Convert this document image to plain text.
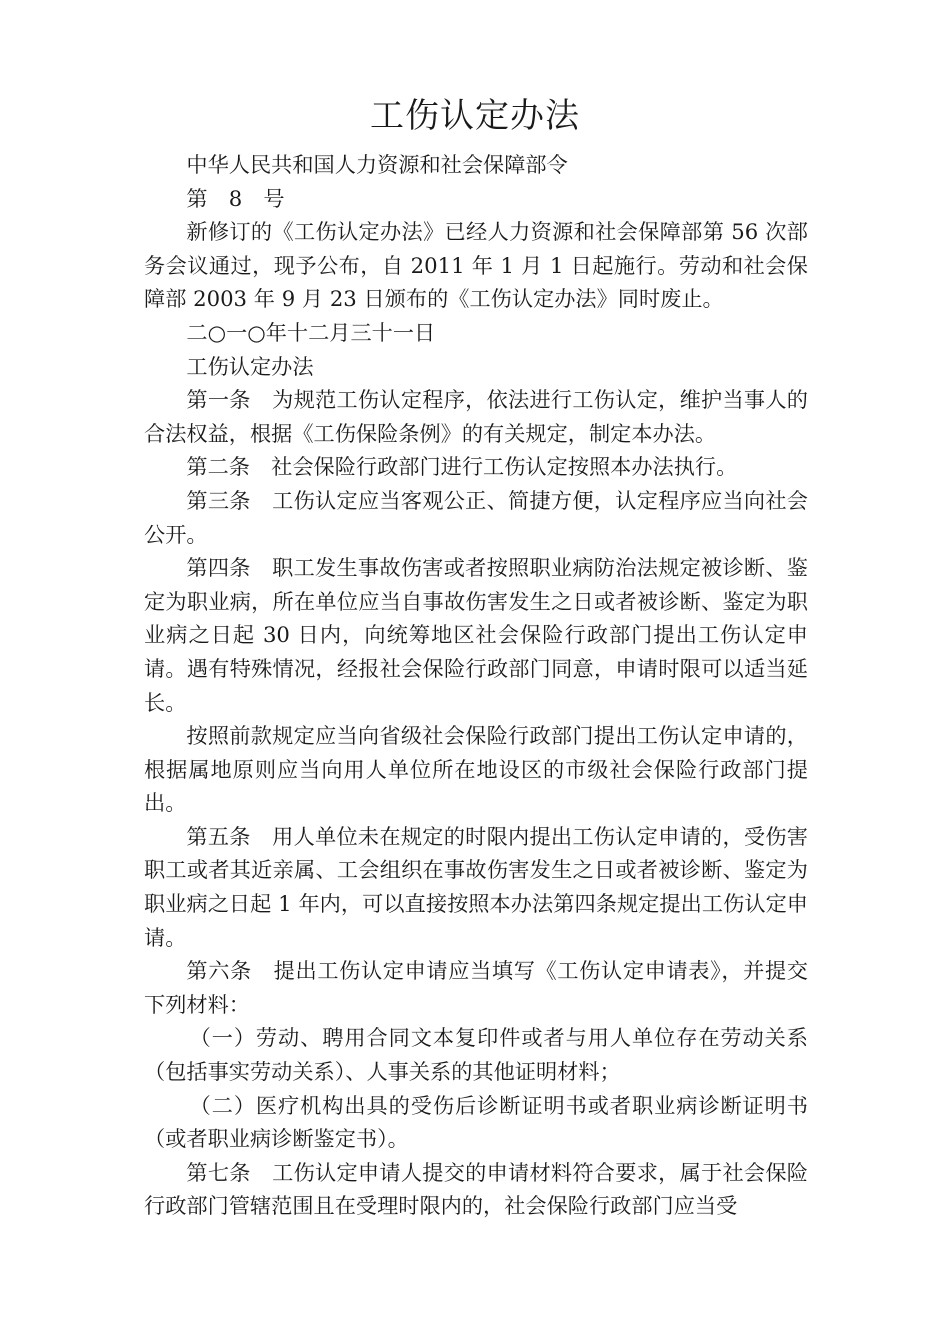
工伤认定办法

中华人民共和国人力资源和社会保障部令

第　8　号

新修订的《工伤认定办法》已经人力资源和社会保障部第 56 次部务会议通过，现予公布，自 2011 年 1 月 1 日起施行。劳动和社会保障部 2003 年 9 月 23 日颁布的《工伤认定办法》同时废止。

二○一○年十二月三十一日

工伤认定办法

第一条　为规范工伤认定程序，依法进行工伤认定，维护当事人的合法权益，根据《工伤保险条例》的有关规定，制定本办法。

第二条　社会保险行政部门进行工伤认定按照本办法执行。

第三条　工伤认定应当客观公正、简捷方便，认定程序应当向社会公开。

第四条　职工发生事故伤害或者按照职业病防治法规定被诊断、鉴定为职业病，所在单位应当自事故伤害发生之日或者被诊断、鉴定为职业病之日起 30 日内，向统筹地区社会保险行政部门提出工伤认定申请。遇有特殊情况，经报社会保险行政部门同意，申请时限可以适当延长。

按照前款规定应当向省级社会保险行政部门提出工伤认定申请的，根据属地原则应当向用人单位所在地设区的市级社会保险行政部门提出。

第五条　用人单位未在规定的时限内提出工伤认定申请的，受伤害职工或者其近亲属、工会组织在事故伤害发生之日或者被诊断、鉴定为职业病之日起 1 年内，可以直接按照本办法第四条规定提出工伤认定申请。

第六条　提出工伤认定申请应当填写《工伤认定申请表》，并提交下列材料：

（一）劳动、聘用合同文本复印件或者与用人单位存在劳动关系（包括事实劳动关系）、人事关系的其他证明材料；

（二）医疗机构出具的受伤后诊断证明书或者职业病诊断证明书（或者职业病诊断鉴定书）。

第七条　工伤认定申请人提交的申请材料符合要求，属于社会保险行政部门管辖范围且在受理时限内的，社会保险行政部门应当受
